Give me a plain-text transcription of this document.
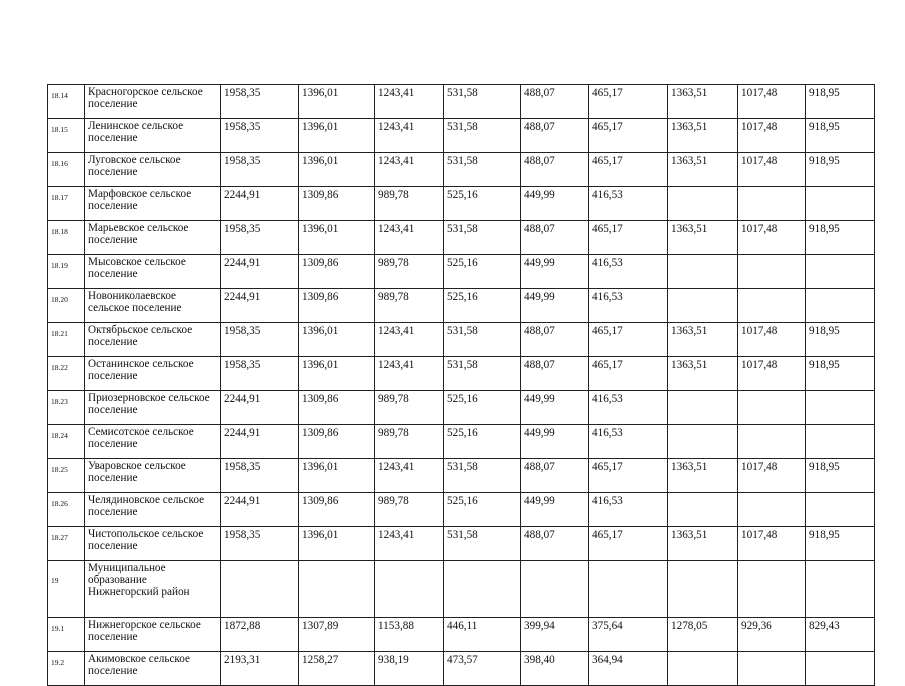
18.14	Красногорское сельское поселение	1958,35	1396,01	1243,41	531,58	488,07	465,17	1363,51	1017,48	918,95
18.15	Ленинское сельское поселение	1958,35	1396,01	1243,41	531,58	488,07	465,17	1363,51	1017,48	918,95
18.16	Луговское сельское поселение	1958,35	1396,01	1243,41	531,58	488,07	465,17	1363,51	1017,48	918,95
18.17	Марфовское сельское поселение	2244,91	1309,86	989,78	525,16	449,99	416,53			
18.18	Марьевское сельское поселение	1958,35	1396,01	1243,41	531,58	488,07	465,17	1363,51	1017,48	918,95
18.19	Мысовское сельское поселение	2244,91	1309,86	989,78	525,16	449,99	416,53			
18.20	Новониколаевское сельское поселение	2244,91	1309,86	989,78	525,16	449,99	416,53			
18.21	Октябрьское сельское поселение	1958,35	1396,01	1243,41	531,58	488,07	465,17	1363,51	1017,48	918,95
18.22	Останинское сельское поселение	1958,35	1396,01	1243,41	531,58	488,07	465,17	1363,51	1017,48	918,95
18.23	Приозерновское сельское поселение	2244,91	1309,86	989,78	525,16	449,99	416,53			
18.24	Семисотское сельское поселение	2244,91	1309,86	989,78	525,16	449,99	416,53			
18.25	Уваровское сельское поселение	1958,35	1396,01	1243,41	531,58	488,07	465,17	1363,51	1017,48	918,95
18.26	Челядиновское сельское поселение	2244,91	1309,86	989,78	525,16	449,99	416,53			
18.27	Чистопольское сельское поселение	1958,35	1396,01	1243,41	531,58	488,07	465,17	1363,51	1017,48	918,95
19	Муниципальное образование Нижнегорский район									
19.1	Нижнегорское сельское поселение	1872,88	1307,89	1153,88	446,11	399,94	375,64	1278,05	929,36	829,43
19.2	Акимовское сельское поселение	2193,31	1258,27	938,19	473,57	398,40	364,94			
